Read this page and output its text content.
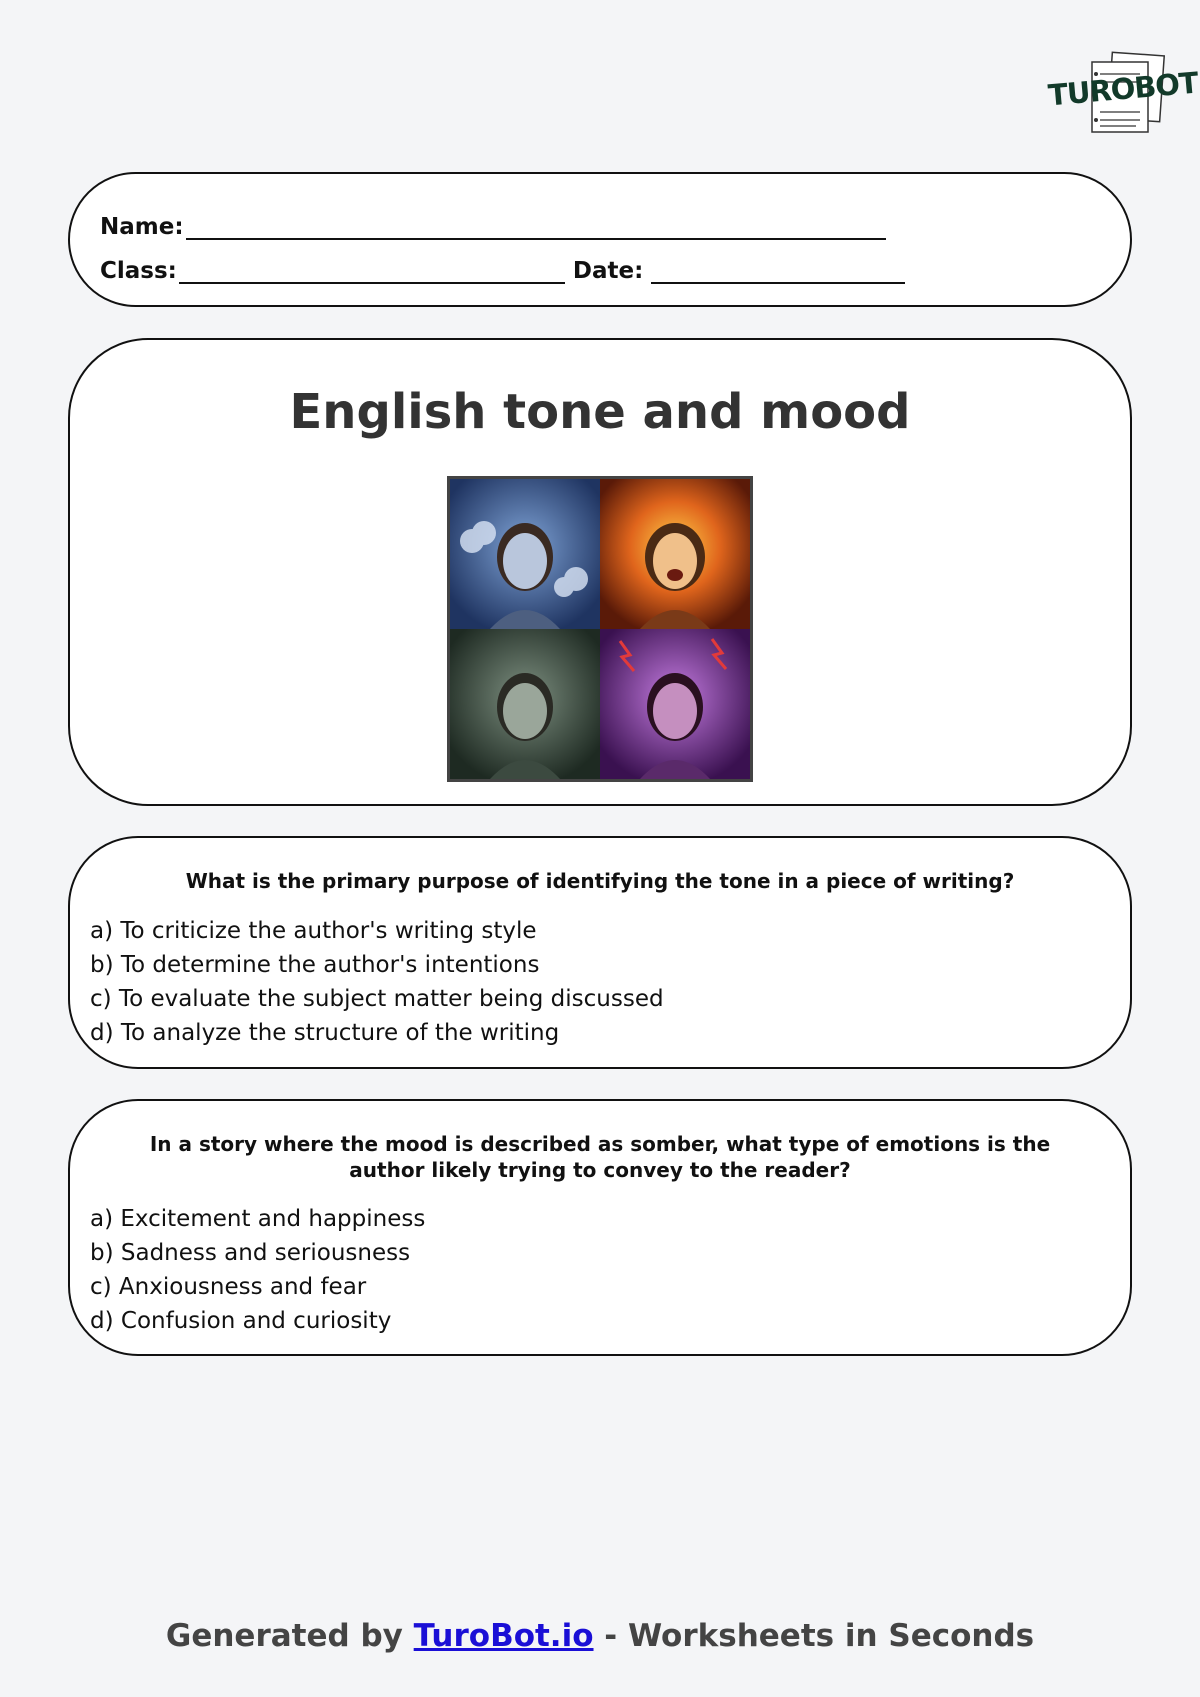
TUROBOT
Name:
Class:	Date:
English tone and mood
What is the primary purpose of identifying the tone in a piece of writing?
a) To criticize the author's writing style
b) To determine the author's intentions
c) To evaluate the subject matter being discussed
d) To analyze the structure of the writing
In a story where the mood is described as somber, what type of emotions is the author likely trying to convey to the reader?
a) Excitement and happiness
b) Sadness and seriousness
c) Anxiousness and fear
d) Confusion and curiosity
Generated by TuroBot.io - Worksheets in Seconds
